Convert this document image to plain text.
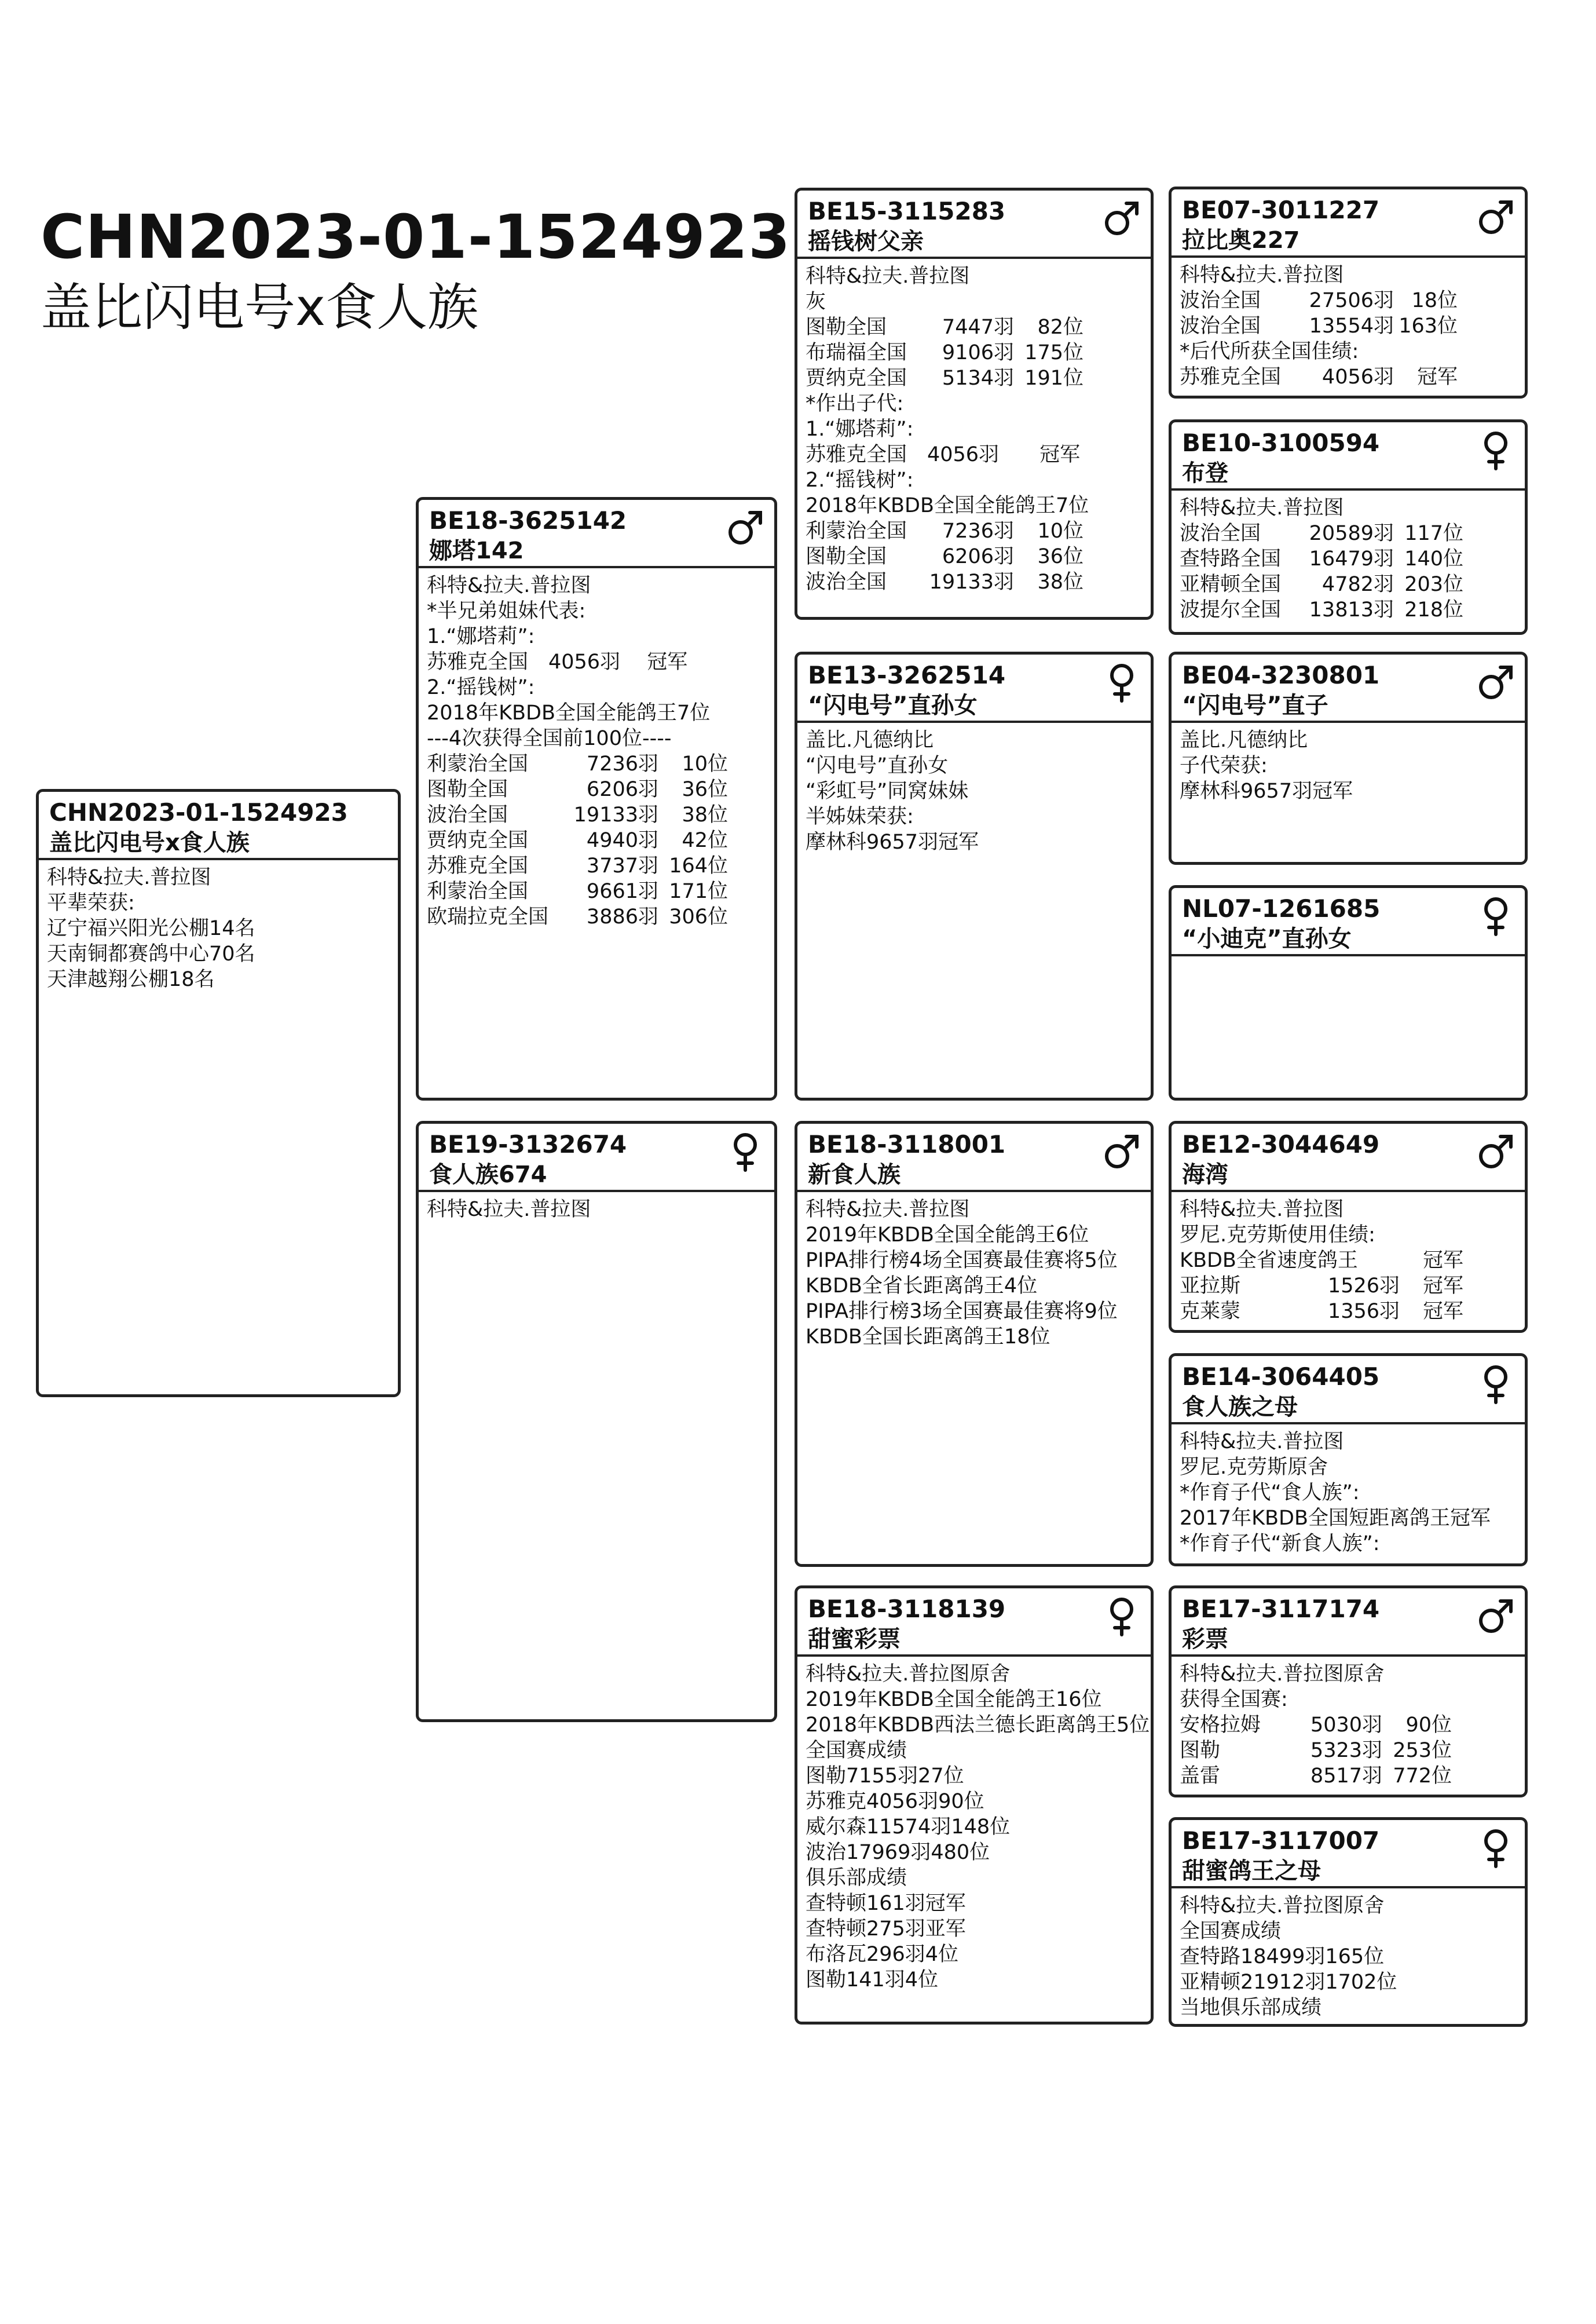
CHN2023-01-1524923
盖比闪电号x食人族
CHN2023-01-1524923
盖比闪电号x食人族
科特&拉夫.普拉图
平辈荣获:
辽宁福兴阳光公棚14名
天南铜都赛鸽中心70名
天津越翔公棚18名
BE18-3625142
娜塔142
科特&拉夫.普拉图
*半兄弟姐妹代表:
1.“娜塔莉”:
苏雅克全国　4056羽　 冠军
2.“摇钱树”:
2018年KBDB全国全能鸽王7位
---4次获得全国前100位----
利蒙治全国	7236羽	10位
图勒全国	6206羽	36位
波治全国	19133羽	38位
贾纳克全国	4940羽	42位
苏雅克全国	3737羽 164位
利蒙治全国	9661羽 171位
欧瑞拉克全国	3886羽 306位
BE19-3132674
食人族674
科特&拉夫.普拉图
BE15-3115283
摇钱树父亲
科特&拉夫.普拉图
灰
图勒全国	7447羽	82位
布瑞福全国	9106羽 175位
贾纳克全国	5134羽 191位
*作出子代:
1.“娜塔莉”:
苏雅克全国　4056羽　　冠军
2.“摇钱树”:
2018年KBDB全国全能鸽王7位
利蒙治全国	7236羽	10位
图勒全国	6206羽	36位
波治全国	19133羽	38位
BE13-3262514
“闪电号”直孙女
盖比.凡德纳比
“闪电号”直孙女
“彩虹号”同窝妹妹
半姊妹荣获:
摩林科9657羽冠军
BE18-3118001
新食人族
科特&拉夫.普拉图
2019年KBDB全国全能鸽王6位
PIPA排行榜4场全国赛最佳赛将5位
KBDB全省长距离鸽王4位
PIPA排行榜3场全国赛最佳赛将9位
KBDB全国长距离鸽王18位
BE18-3118139
甜蜜彩票
科特&拉夫.普拉图原舍
2019年KBDB全国全能鸽王16位
2018年KBDB西法兰德长距离鸽王5位
全国赛成绩
图勒7155羽27位
苏雅克4056羽90位
威尔森11574羽148位
波治17969羽480位
俱乐部成绩
查特顿161羽冠军
查特顿275羽亚军
布洛瓦296羽4位
图勒141羽4位
BE07-3011227
拉比奥227
科特&拉夫.普拉图
波治全国	27506羽 18位
波治全国	13554羽 163位
*后代所获全国佳绩:
苏雅克全国	4056羽	冠军
BE10-3100594
布登
科特&拉夫.普拉图
波治全国	20589羽 117位
查特路全国	16479羽 140位
亚精顿全国	4782羽 203位
波提尔全国	13813羽 218位
BE04-3230801
“闪电号”直子
盖比.凡德纳比
子代荣获:
摩林科9657羽冠军
NL07-1261685
“小迪克”直孙女
BE12-3044649
海湾
科特&拉夫.普拉图
罗尼.克劳斯使用佳绩:
KBDB全省速度鸽王	冠军
亚拉斯	1526羽	冠军
克莱蒙	1356羽	冠军
BE14-3064405
食人族之母
科特&拉夫.普拉图
罗尼.克劳斯原舍
*作育子代“食人族”:
2017年KBDB全国短距离鸽王冠军
*作育子代“新食人族”:
BE17-3117174
彩票
科特&拉夫.普拉图原舍
获得全国赛:
安格拉姆	5030羽	90位
图勒	5323羽 253位
盖雷	8517羽 772位
BE17-3117007
甜蜜鸽王之母
科特&拉夫.普拉图原舍
全国赛成绩
查特路18499羽165位
亚精顿21912羽1702位
当地俱乐部成绩
